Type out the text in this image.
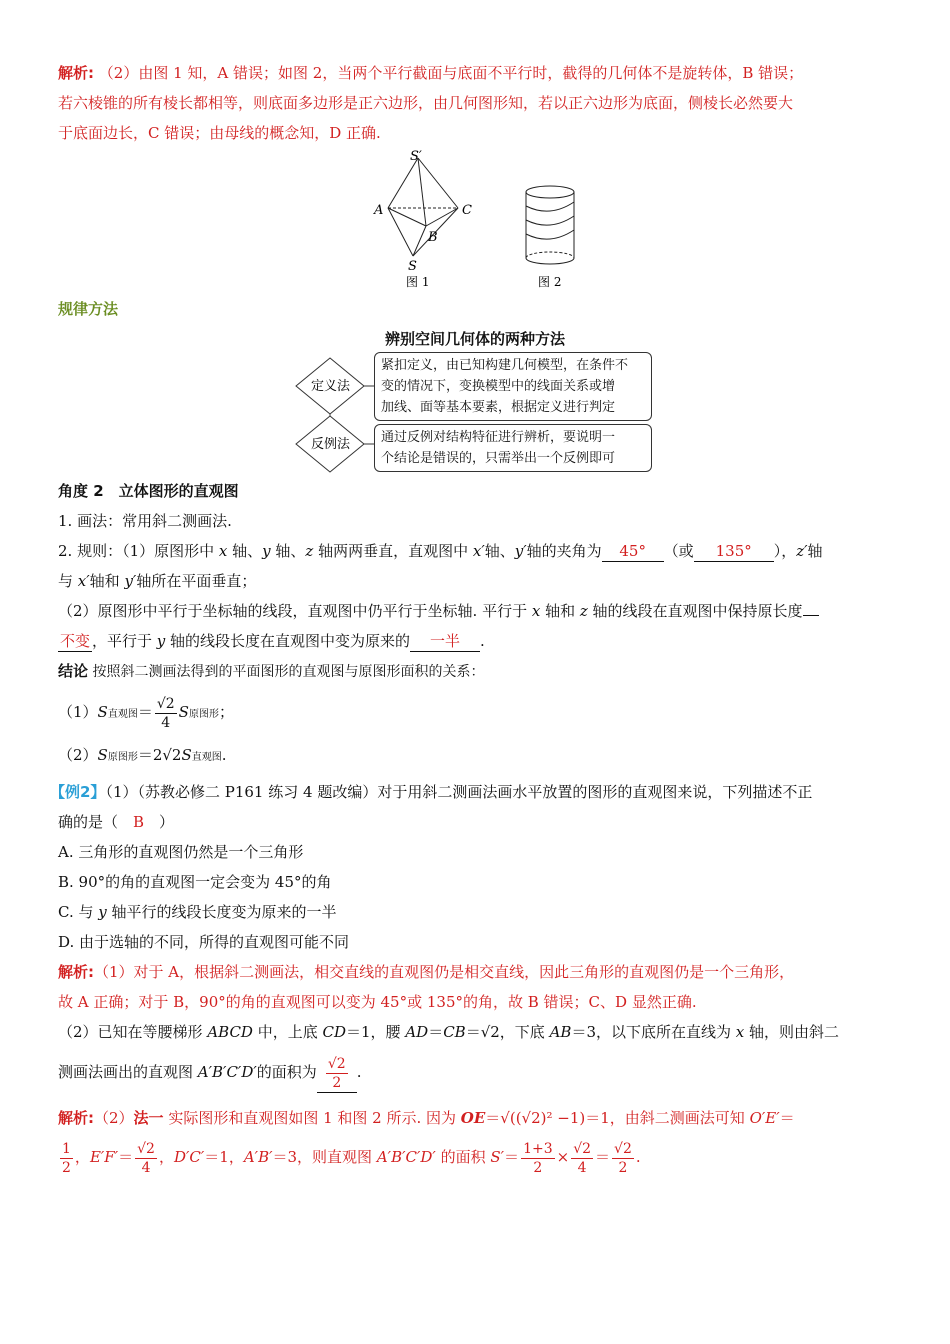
解析: （2）由图 1 知，A 错误；如图 2，当两个平行截面与底面不平行时，截得的几何体不是旋转体，B 错误；
若六棱锥的所有棱长都相等，则底面多边形是正六边形，由几何图形知，若以正六边形为底面，侧棱长必然要大
于底面边长，C 错误；由母线的概念知，D 正确.
S′
A	C
B
S
图 1	图 2
规律方法
辨别空间几何体的两种方法
定义法
反例法
紧扣定义，由已知构建几何模型，在条件不
变的情况下，变换模型中的线面关系或增
加线、面等基本要素，根据定义进行判定
通过反例对结构特征进行辨析，要说明一
个结论是错误的，只需举出一个反例即可
角度 2　立体图形的直观图
1. 画法：常用斜二测画法.
2. 规则：（1）原图形中 x 轴、y 轴、z 轴两两垂直，直观图中 x′轴、y′轴的夹角为 45° （或 135° ），z′轴
与 x′轴和 y′轴所在平面垂直；
（2）原图形中平行于坐标轴的线段，直观图中仍平行于坐标轴. 平行于 x 轴和 z 轴的线段在直观图中保持原长度
不变 ，平行于 y 轴的线段长度在直观图中变为原来的 一半 .
结论 按照斜二测画法得到的平面图形的直观图与原图形面积的关系：
（1）S直观图＝ $\frac{√2}{4}$ S原图形；
（2）S原图形＝2√2S直观图.
【例2】（1）（苏教必修二 P161 练习 4 题改编）对于用斜二测画法画水平放置的图形的直观图来说，下列描述不正
确的是（　B　）
A. 三角形的直观图仍然是一个三角形
B. 90°的角的直观图一定会变为 45°的角
C. 与 y 轴平行的线段长度变为原来的一半
D. 由于选轴的不同，所得的直观图可能不同
解析:（1）对于 A，根据斜二测画法，相交直线的直观图仍是相交直线，因此三角形的直观图仍是一个三角形，
故 A 正确；对于 B，90°的角的直观图可以变为 45°或 135°的角，故 B 错误；C、D 显然正确.
（2）已知在等腰梯形 ABCD 中，上底 CD＝1，腰 AD＝CB＝√2，下底 AB＝3，以下底所在直线为 x 轴，则由斜二
测画法画出的直观图 A′B′C′D′的面积为 $\frac{√2}{2}$ .
解析:（2）法一 实际图形和直观图如图 1 和图 2 所示. 因为 OE＝√((√2)² −1)＝1，由斜二测画法可知 O′E′＝
$\frac{1}{2}$ ，$E'F'= \frac{√2}{4}$ ，D′C′＝1，A′B′＝3，则直观图 A′B′C′D′ 的面积 $S'= \frac{1+3}{2} \times \frac{√2}{4} = \frac{√2}{2}$ .
